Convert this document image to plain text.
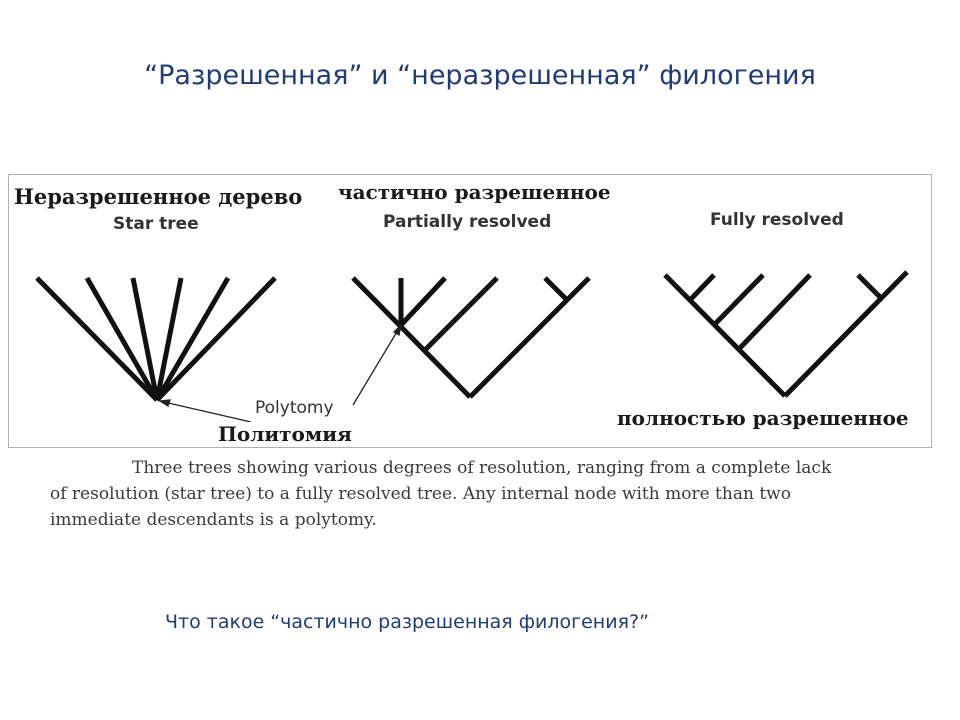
“Разрешенная” и “неразрешенная” филогения
Неразрешенное дерево
Star tree
частично разрешенное
Partially resolved	Fully resolved
полностью разрешенное
Polytomy
Политомия
Three trees showing various degrees of resolution, ranging from a complete lack
of resolution (star tree) to a fully resolved tree. Any internal node with more than two
immediate descendants is a polytomy.
Что такое “частично разрешенная филогения?”
